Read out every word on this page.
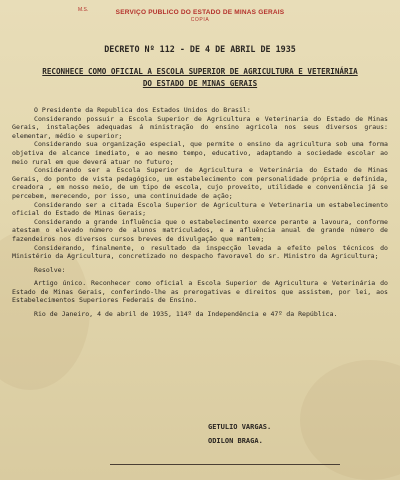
M.S.	SERVIÇO PUBLICO DO ESTADO DE MINAS GERAIS
COPIA
DECRETO Nº 112 - DE 4 DE ABRIL DE 1935
RECONHECE COMO OFICIAL A ESCOLA SUPERIOR DE AGRICULTURA E VETERINÁRIA
DO ESTADO DE MINAS GERAIS

O Presidente da Republica dos Estados Unidos do Brasil:

Considerando possuir a Escola Superior de Agricultura e Veterinaria do Estado de Minas Gerais, instalações adequadas á ministração do ensino agricola nos seus diversos graus: elementar, médio e superior;

Considerando sua organização especial, que permite o ensino da agricultura sob uma forma objetiva de alcance imediato, e ao mesmo tempo, educativo, adaptando a sociedade escolar ao meio rural em que deverá atuar no futuro;

Considerando ser a Escola Superior de Agricultura e Veterinária do Estado de Minas Gerais, do ponto de vista pedagógico, um estabelecimento com personalidade própria e definida, creadora , em nosso meio, de um tipo de escola, cujo proveito, utilidade e conveniência já se percebem, merecendo, por isso, uma continuidade de ação;

Considerando ser a citada Escola Superior de Agricultura e Veterinaria um estabelecimento oficial do Estado de Minas Gerais;

Considerando a grande influência que o estabelecimento exerce perante a lavoura, conforme atestam o elevado número de alunos matriculados, e a afluência anual de grande número de fazendeiros nos diversos cursos breves de divulgação que mantem;

Considerando, finalmente, o resultado da inspecção levada a efeito pelos técnicos do Ministério da Agricultura, concretizado no despacho favoravel do sr. Ministro da Agricultura;

Resolve:

Artigo único. Reconhecer como oficial a Escola Superior de Agricultura e Veterinária do Estado de Minas Gerais, conferindo-lhe as prerogativas e direitos que assistem, por lei, aos Estabelecimentos Superiores Federais de Ensino.

Rio de Janeiro, 4 de abril de 1935, 114º da Independência e 47º da República.

GETULIO VARGAS.
ODILON BRAGA.
